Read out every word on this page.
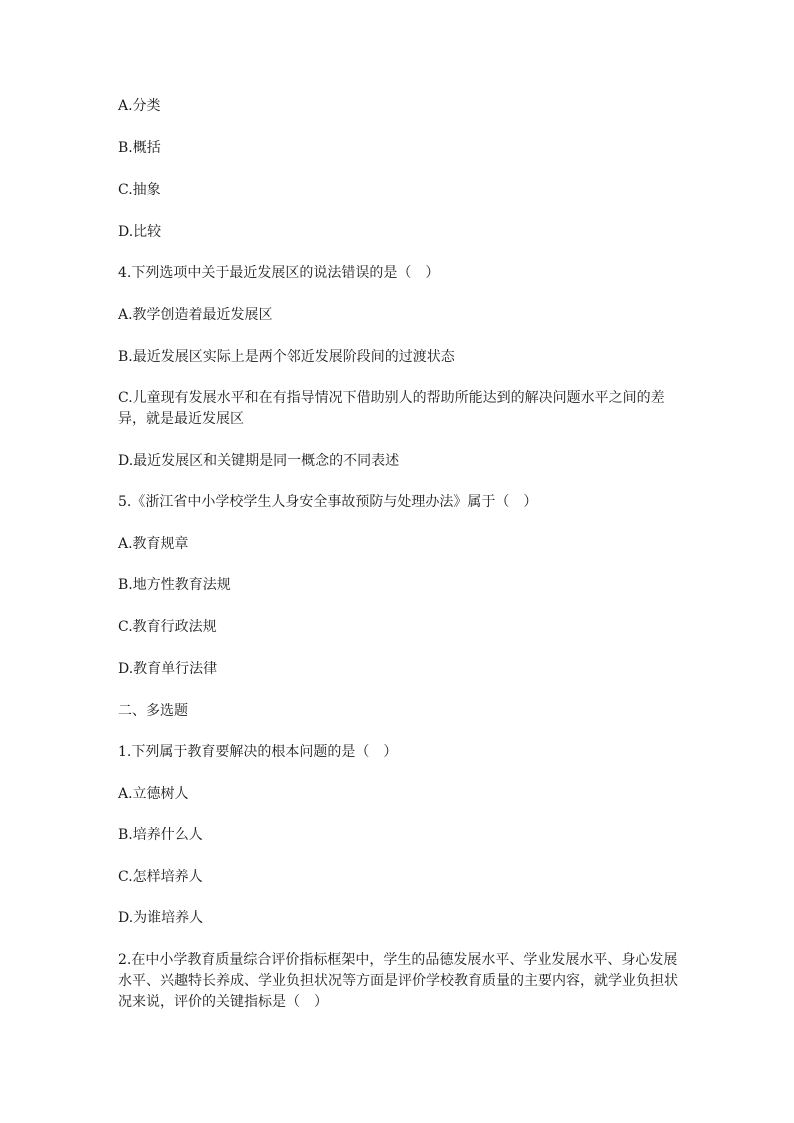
A.分类
B.概括
C.抽象
D.比较
4.下列选项中关于最近发展区的说法错误的是（　）
A.教学创造着最近发展区
B.最近发展区实际上是两个邻近发展阶段间的过渡状态
C.儿童现有发展水平和在有指导情况下借助别人的帮助所能达到的解决问题水平之间的差异，就是最近发展区
D.最近发展区和关键期是同一概念的不同表述
5.《浙江省中小学校学生人身安全事故预防与处理办法》属于（　）
A.教育规章
B.地方性教育法规
C.教育行政法规
D.教育单行法律
二、多选题
1.下列属于教育要解决的根本问题的是（　）
A.立德树人
B.培养什么人
C.怎样培养人
D.为谁培养人
2.在中小学教育质量综合评价指标框架中，学生的品德发展水平、学业发展水平、身心发展水平、兴趣特长养成、学业负担状况等方面是评价学校教育质量的主要内容，就学业负担状况来说，评价的关键指标是（　）
